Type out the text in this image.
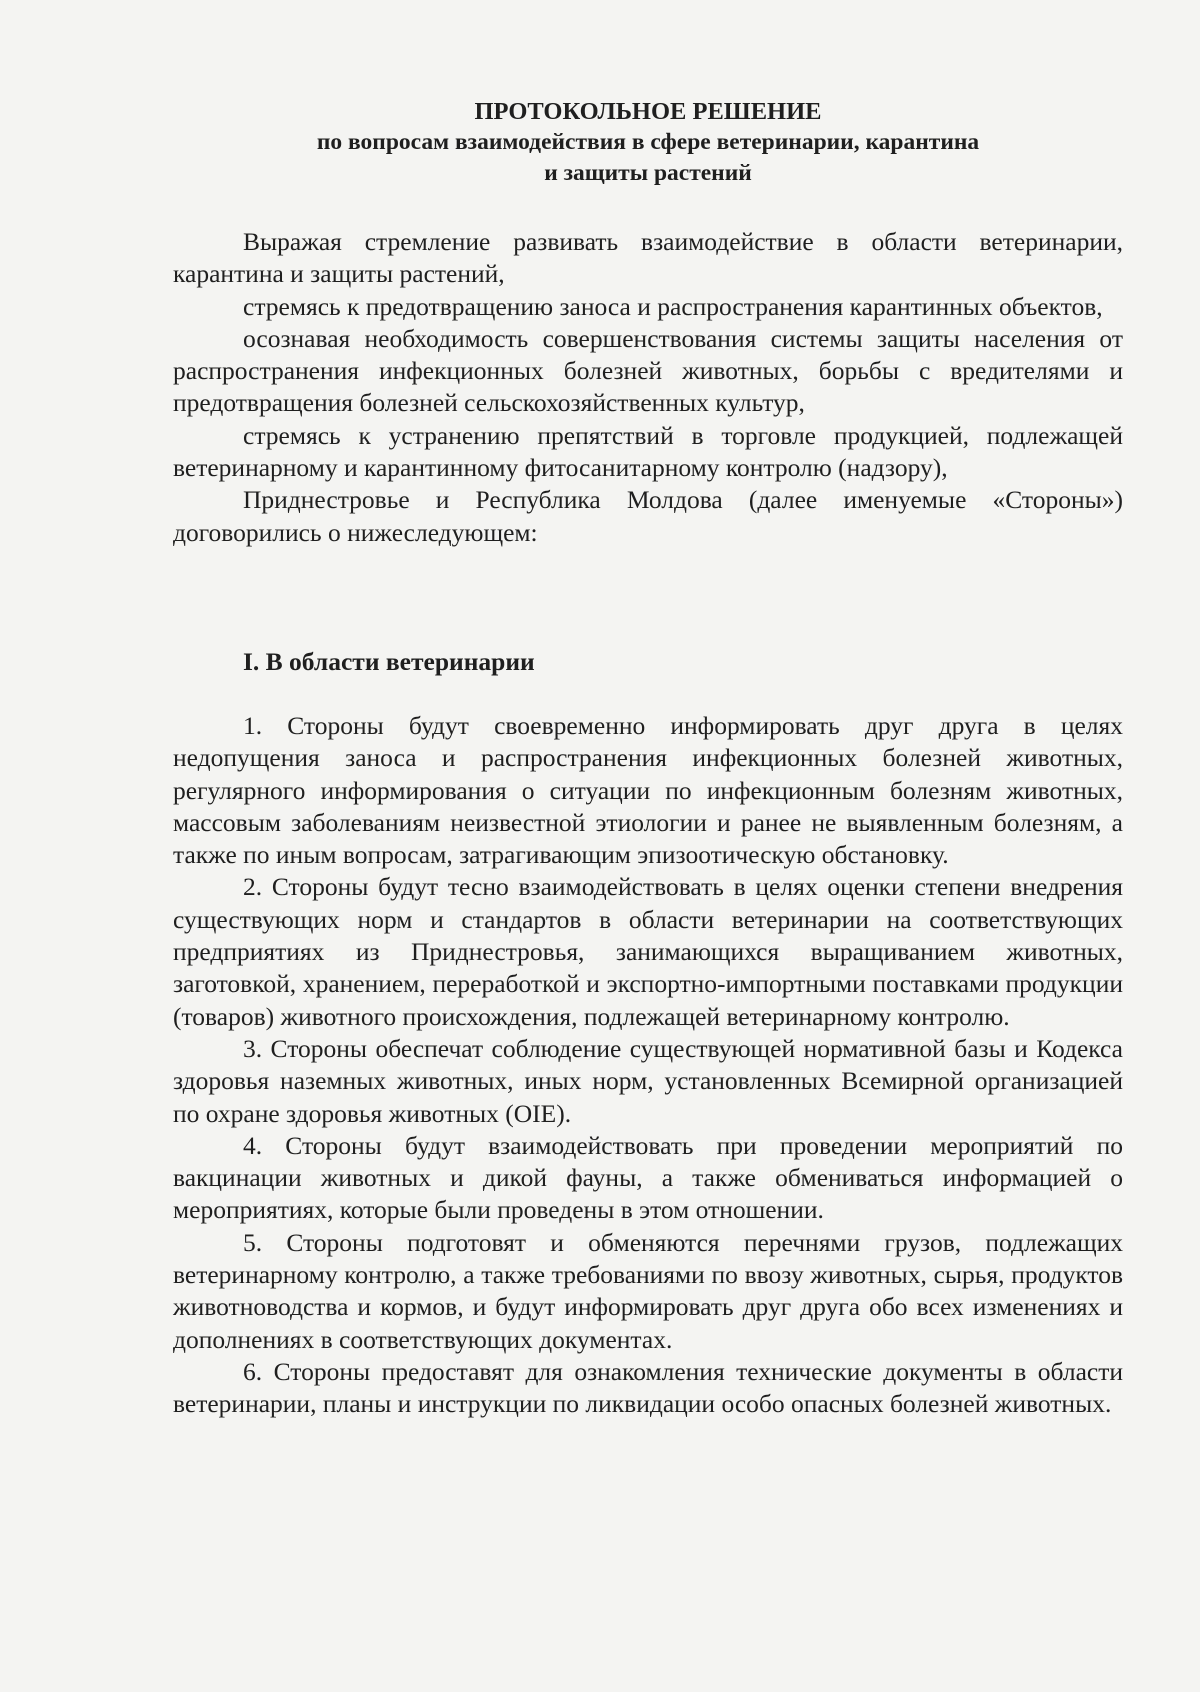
ПРОТОКОЛЬНОЕ РЕШЕНИЕ
по вопросам взаимодействия в сфере ветеринарии, карантина
и защиты растений

Выражая стремление развивать взаимодействие в области ветеринарии, карантина и защиты растений,

стремясь к предотвращению заноса и распространения карантинных объектов,

осознавая необходимость совершенствования системы защиты населения от распространения инфекционных болезней животных, борьбы с вредителями и предотвращения болезней сельскохозяйственных культур,

стремясь к устранению препятствий в торговле продукцией, подлежащей ветеринарному и карантинному фитосанитарному контролю (надзору),

Приднестровье и Республика Молдова (далее именуемые «Стороны») договорились о нижеследующем:

I. В области ветеринарии

1. Стороны будут своевременно информировать друг друга в целях недопущения заноса и распространения инфекционных болезней животных, регулярного информирования о ситуации по инфекционным болезням животных, массовым заболеваниям неизвестной этиологии и ранее не выявленным болезням, а также по иным вопросам, затрагивающим эпизоотическую обстановку.

2. Стороны будут тесно взаимодействовать в целях оценки степени внедрения существующих норм и стандартов в области ветеринарии на соответствующих предприятиях из Приднестровья, занимающихся выращиванием животных, заготовкой, хранением, переработкой и экспортно-импортными поставками продукции (товаров) животного происхождения, подлежащей ветеринарному контролю.

3. Стороны обеспечат соблюдение существующей нормативной базы и Кодекса здоровья наземных животных, иных норм, установленных Всемирной организацией по охране здоровья животных (OIE).

4. Стороны будут взаимодействовать при проведении мероприятий по вакцинации животных и дикой фауны, а также обмениваться информацией о мероприятиях, которые были проведены в этом отношении.

5. Стороны подготовят и обменяются перечнями грузов, подлежащих ветеринарному контролю, а также требованиями по ввозу животных, сырья, продуктов животноводства и кормов, и будут информировать друг друга обо всех изменениях и дополнениях в соответствующих документах.

6. Стороны предоставят для ознакомления технические документы в области ветеринарии, планы и инструкции по ликвидации особо опасных болезней животных.
